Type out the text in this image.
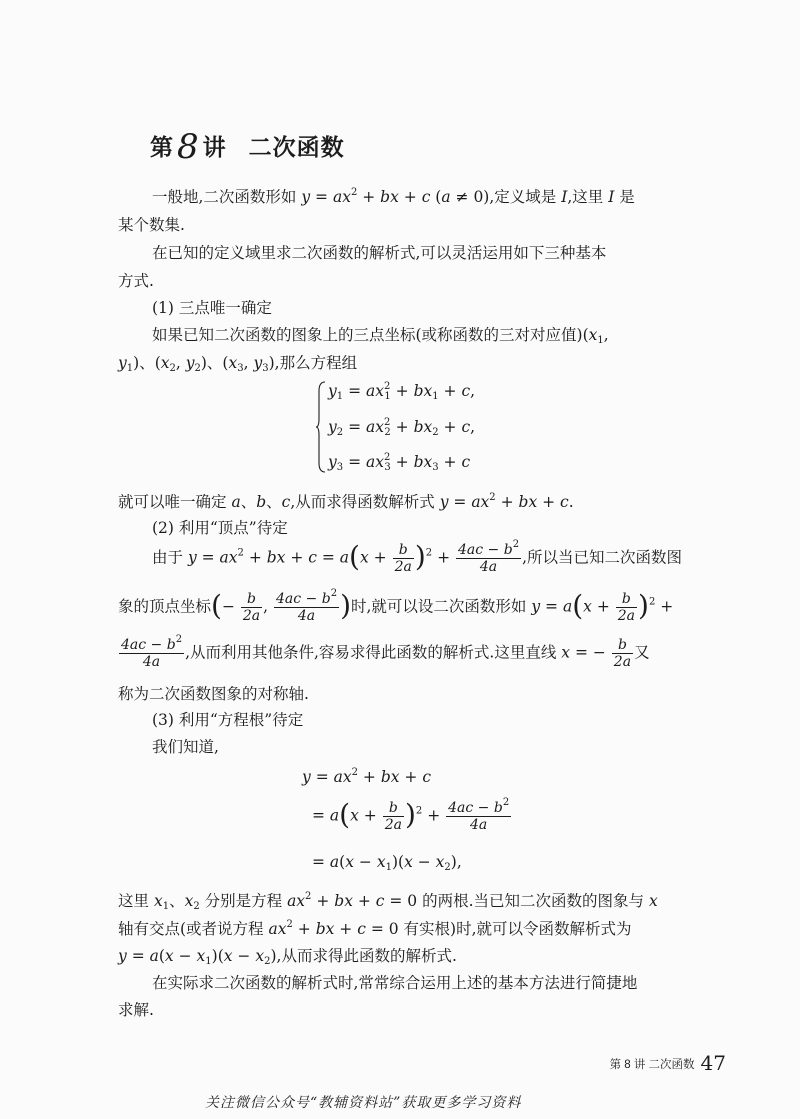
第8 讲 二次函数
一般地,二次函数形如 $y = ax^2$ + bx + c (a ≠ 0),定义域是 I,这里 I 是
某个数集.
在已知的定义域里求二次函数的解析式,可以灵活运用如下三种基本
方式.
(1) 三点唯一确定
如果已知二次函数的图象上的三点坐标(或称函数的三对对应值)($x_1$,
$y_1$)、($x_2$, $y_2$)、($x_3$, $y_3$),那么方程组
$y_1 = ax^2_1 + bx_1 + c$,
$y_2 = ax^2_2 + bx_2 + c$,
$y_3 = ax^2_3 + bx_3 + c$
就可以唯一确定 a、b、c,从而求得函数解析式 $y = ax^2$ + bx + c.
(2) 利用“顶点”待定
由于 $y = ax^2$ + bx + $c = a(x + \frac{b}{2a} )^2 + \frac{4ac - b^2}{4a}$ ,所以当已知二次函数图
象的顶点坐标(− $\frac{b}{2a}$ , $\frac{4ac - b^2}{4a}$ )时,就可以设二次函数形如 $y = a(x + \frac{b}{2a} )^2$ +
$\frac{4ac - b^2}{4a}$ ,从而利用其他条件,容易求得此函数的解析式.这里直线 x = − $\frac{b}{2a}$ 又
称为二次函数图象的对称轴.
(3) 利用“方程根”待定
我们知道,
$y = ax^2$ + bx + c
= $a(x + \frac{b}{2a} )^2 + \frac{4ac - b^2}{4a}$
= $a(x - x_1)(x - x_2)$,
这里 $x_1$、$x_2$ 分别是方程 $ax^2$ + bx + c = 0 的两根.当已知二次函数的图象与 x
轴有交点(或者说方程 $ax^2$ + bx + c = 0 有实根)时,就可以令函数解析式为
$y = a(x - x_1)(x - x_2)$,从而求得此函数的解析式.
在实际求二次函数的解析式时,常常综合运用上述的基本方法进行简捷地
求解.
第 8 讲 二次函数 47
关注微信公众号“教辅资料站”获取更多学习资料
